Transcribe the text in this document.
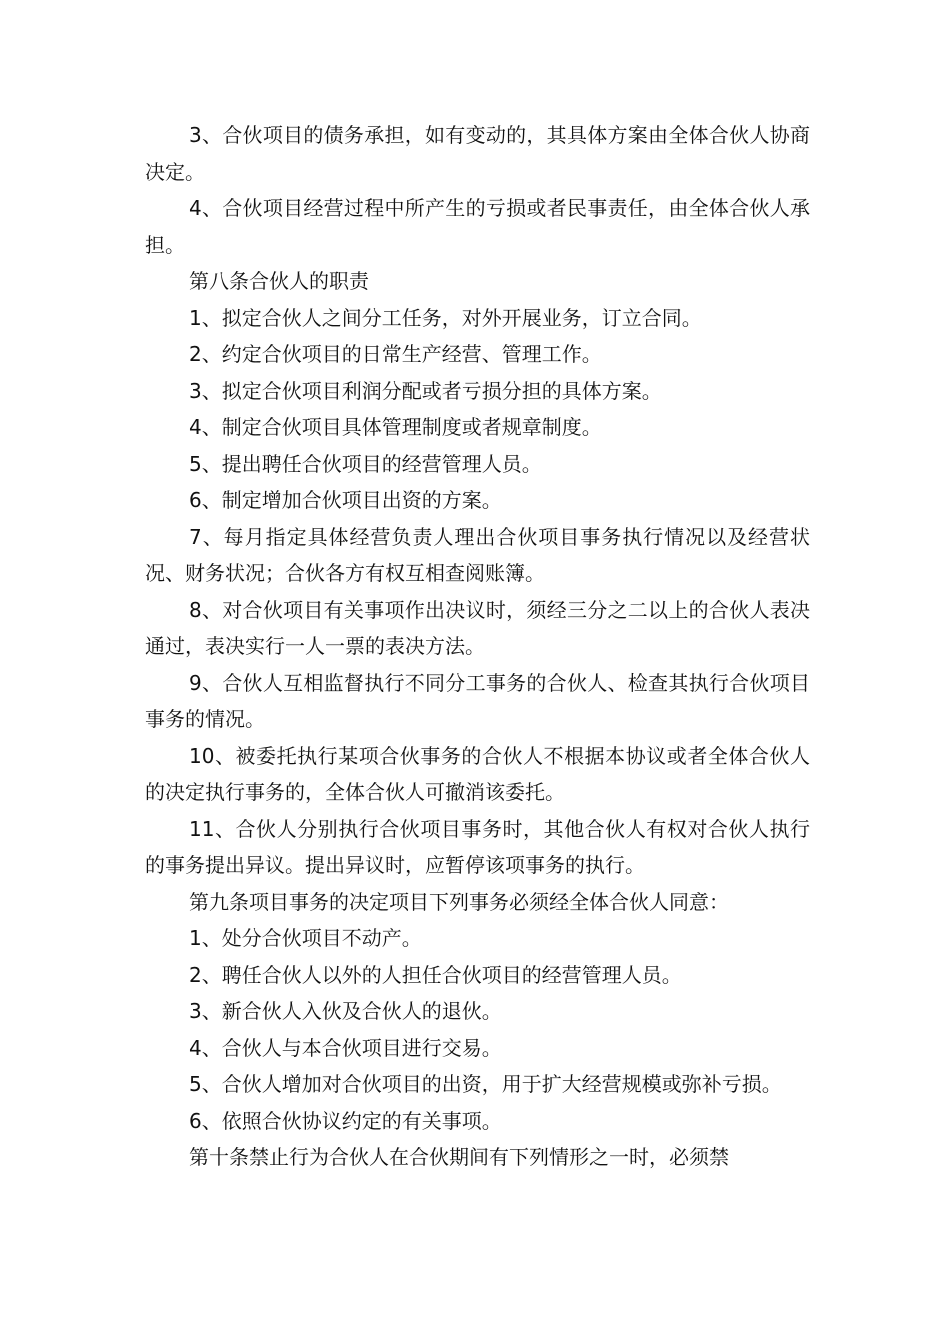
3、合伙项目的债务承担，如有变动的，其具体方案由全体合伙人协商决定。

4、合伙项目经营过程中所产生的亏损或者民事责任，由全体合伙人承担。

第八条合伙人的职责

1、拟定合伙人之间分工任务，对外开展业务，订立合同。

2、约定合伙项目的日常生产经营、管理工作。

3、拟定合伙项目利润分配或者亏损分担的具体方案。

4、制定合伙项目具体管理制度或者规章制度。

5、提出聘任合伙项目的经营管理人员。

6、制定增加合伙项目出资的方案。

7、每月指定具体经营负责人理出合伙项目事务执行情况以及经营状况、财务状况；合伙各方有权互相查阅账簿。

8、对合伙项目有关事项作出决议时，须经三分之二以上的合伙人表决通过，表决实行一人一票的表决方法。

9、合伙人互相监督执行不同分工事务的合伙人、检查其执行合伙项目事务的情况。

10、被委托执行某项合伙事务的合伙人不根据本协议或者全体合伙人的决定执行事务的，全体合伙人可撤消该委托。

11、合伙人分别执行合伙项目事务时，其他合伙人有权对合伙人执行的事务提出异议。提出异议时，应暂停该项事务的执行。

第九条项目事务的决定项目下列事务必须经全体合伙人同意：

1、处分合伙项目不动产。

2、聘任合伙人以外的人担任合伙项目的经营管理人员。

3、新合伙人入伙及合伙人的退伙。

4、合伙人与本合伙项目进行交易。

5、合伙人增加对合伙项目的出资，用于扩大经营规模或弥补亏损。

6、依照合伙协议约定的有关事项。

第十条禁止行为合伙人在合伙期间有下列情形之一时，必须禁
